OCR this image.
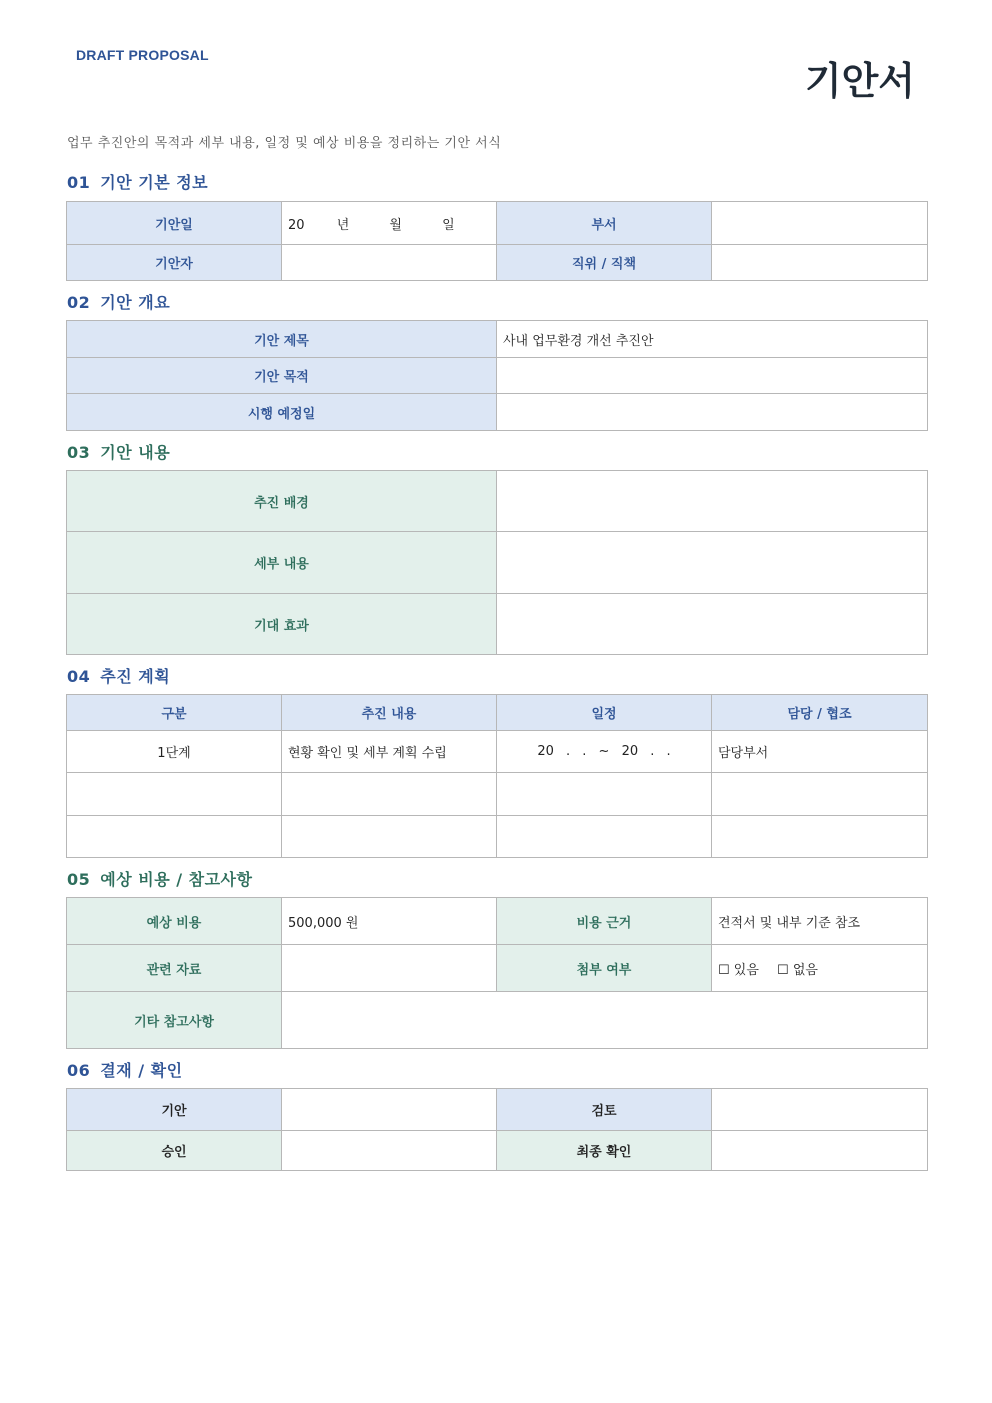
DRAFT PROPOSAL
기안서
업무 추진안의 목적과 세부 내용, 일정 및 예상 비용을 정리하는 기안 서식
01 기안 기본 정보
기안일	20 년 월 일	부서	
기안자		직위 / 직책	
02 기안 개요
기안 제목	사내 업무환경 개선 추진안
기안 목적	
시행 예정일	
03 기안 내용
추진 배경	
세부 내용	
기대 효과	
04 추진 계획
구분	추진 내용	일정	담당 / 협조
1단계	현황 확인 및 세부 계획 수립	20 . . ~ 20 . .	담당부서

05 예상 비용 / 참고사항
예상 비용	500,000 원	비용 근거	견적서 및 내부 기준 참조
관련 자료		첨부 여부	☐ 있음 ☐ 없음
기타 참고사항			
06 결재 / 확인
기안		검토	
승인		최종 확인	
